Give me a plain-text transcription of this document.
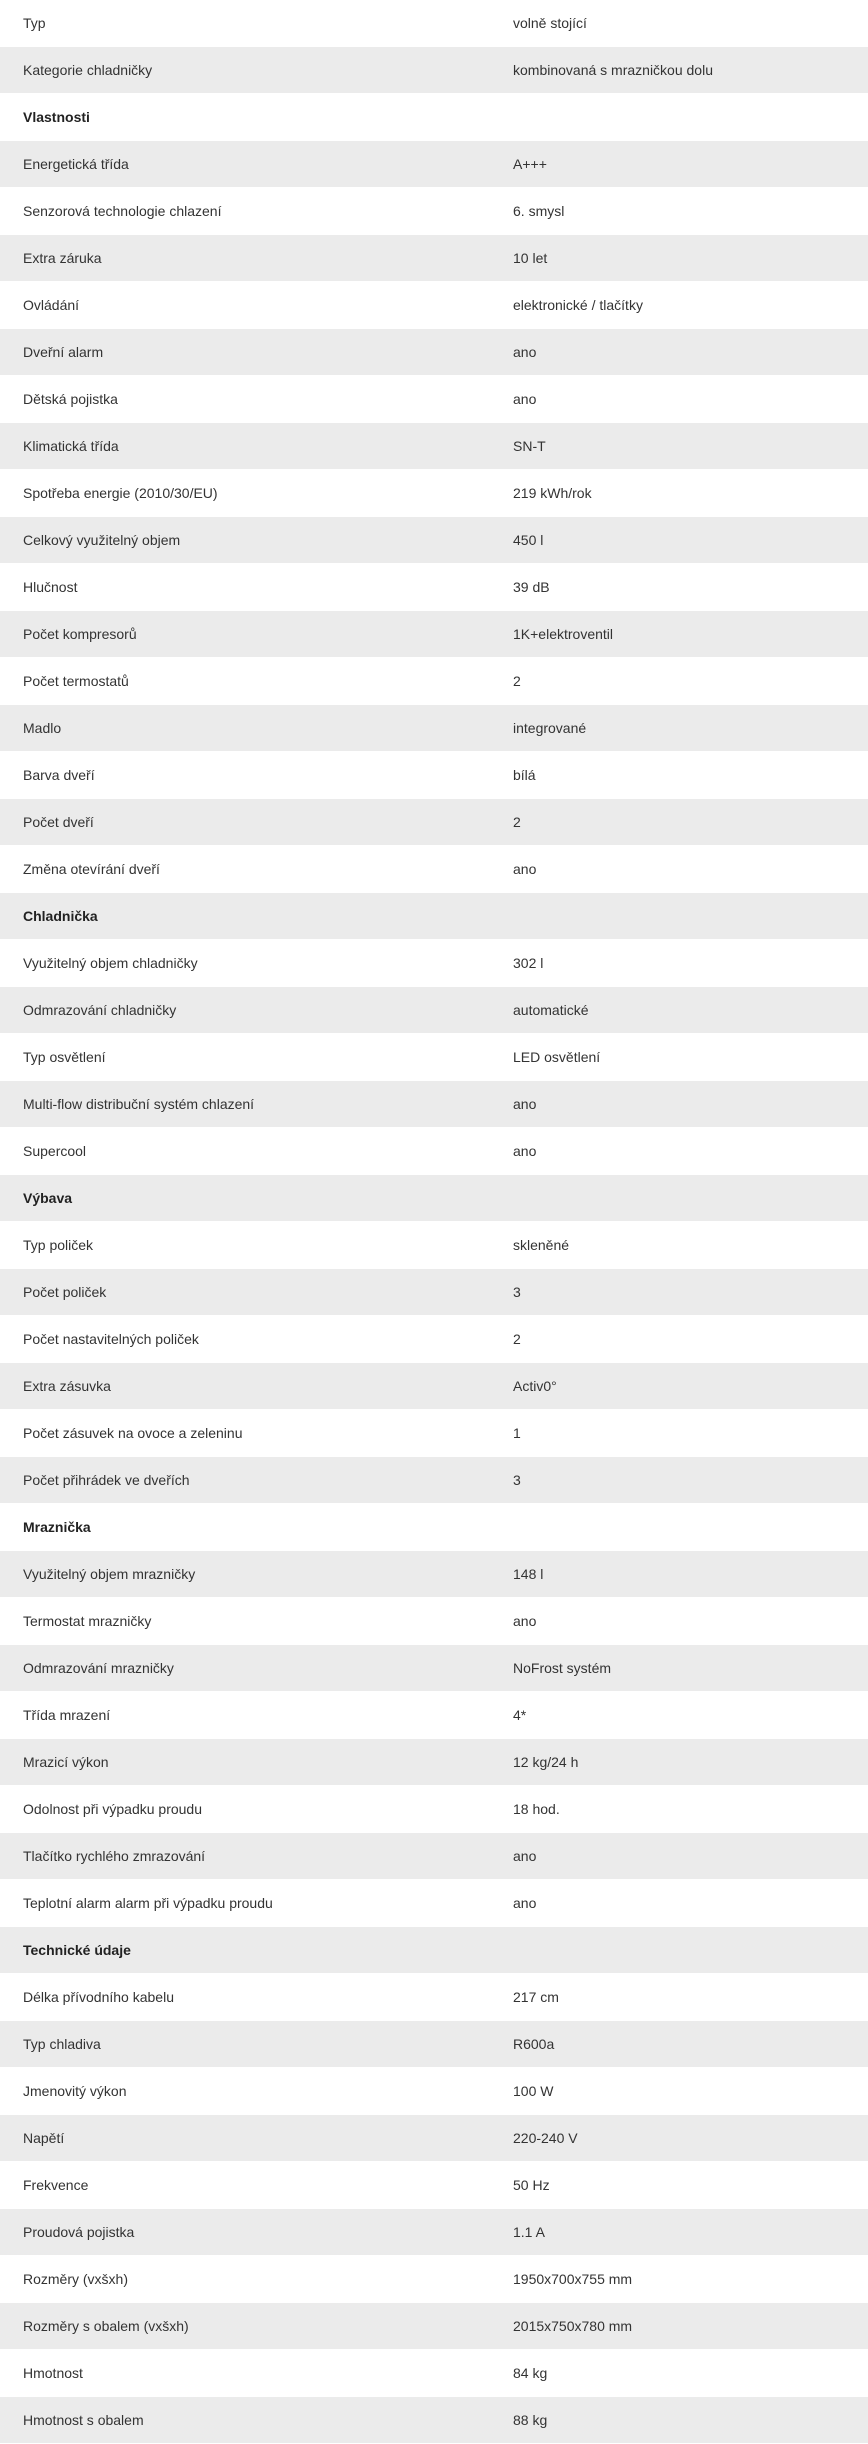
Typ	volně stojící
Kategorie chladničky	kombinovaná s mrazničkou dolu
Vlastnosti	
Energetická třída	A+++
Senzorová technologie chlazení	6. smysl
Extra záruka	10 let
Ovládání	elektronické / tlačítky
Dveřní alarm	ano
Dětská pojistka	ano
Klimatická třída	SN-T
Spotřeba energie (2010/30/EU)	219 kWh/rok
Celkový využitelný objem	450 l
Hlučnost	39 dB
Počet kompresorů	1K+elektroventil
Počet termostatů	2
Madlo	integrované
Barva dveří	bílá
Počet dveří	2
Změna otevírání dveří	ano
Chladnička	
Využitelný objem chladničky	302 l
Odmrazování chladničky	automatické
Typ osvětlení	LED osvětlení
Multi-flow distribuční systém chlazení	ano
Supercool	ano
Výbava	
Typ poliček	skleněné
Počet poliček	3
Počet nastavitelných poliček	2
Extra zásuvka	Activ0°
Počet zásuvek na ovoce a zeleninu	1
Počet přihrádek ve dveřích	3
Mraznička	
Využitelný objem mrazničky	148 l
Termostat mrazničky	ano
Odmrazování mrazničky	NoFrost systém
Třída mrazení	4*
Mrazicí výkon	12 kg/24 h
Odolnost při výpadku proudu	18 hod.
Tlačítko rychlého zmrazování	ano
Teplotní alarm alarm při výpadku proudu	ano
Technické údaje	
Délka přívodního kabelu	217 cm
Typ chladiva	R600a
Jmenovitý výkon	100 W
Napětí	220-240 V
Frekvence	50 Hz
Proudová pojistka	1.1 A
Rozměry (vxšxh)	1950x700x755 mm
Rozměry s obalem (vxšxh)	2015x750x780 mm
Hmotnost	84 kg
Hmotnost s obalem	88 kg
